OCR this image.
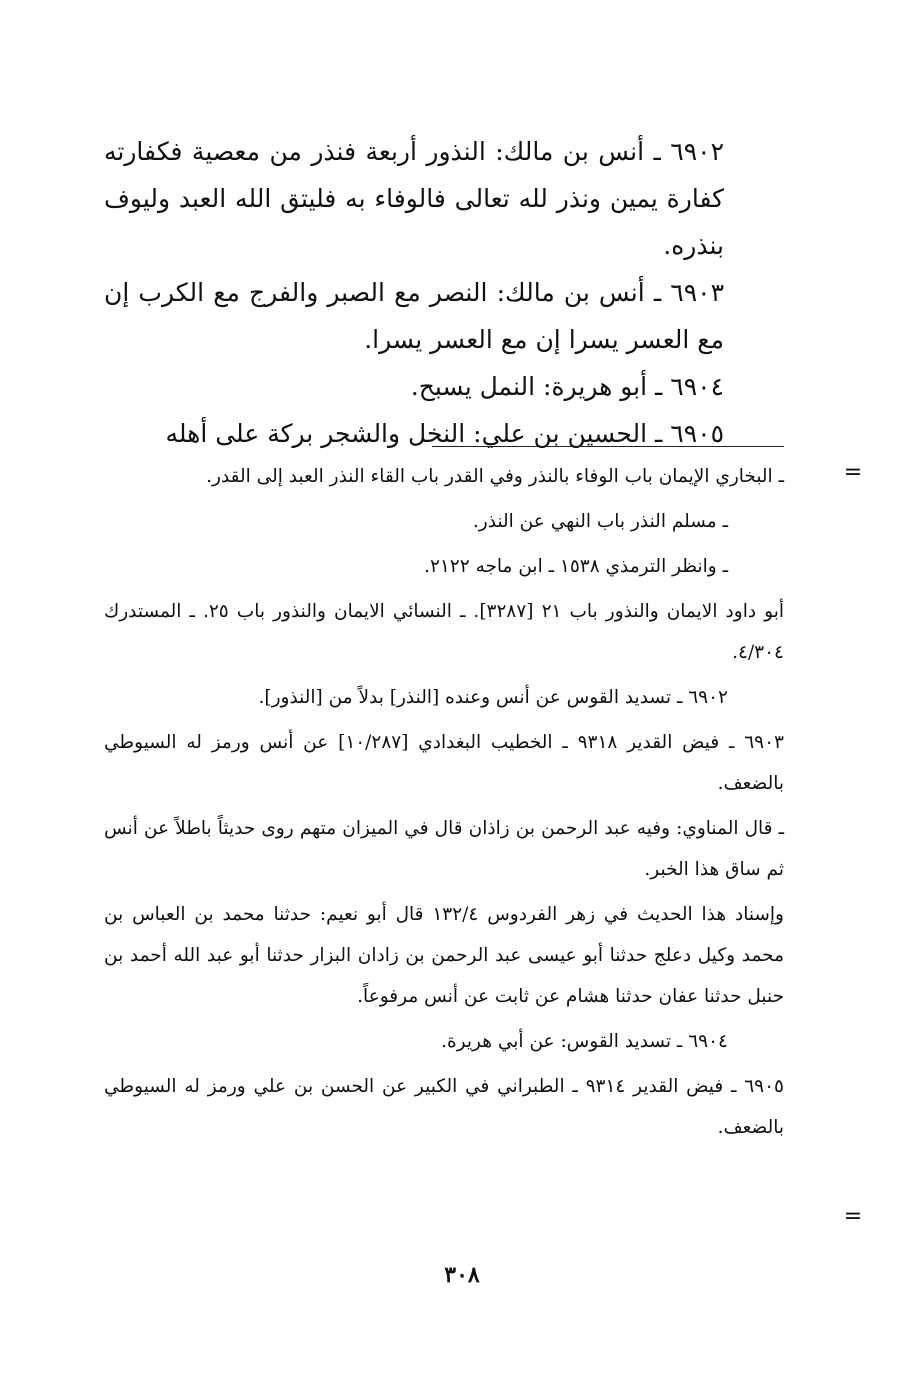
٦٩٠٢ ـ أنس بن مالك: النذور أربعة فنذر من معصية فكفارته كفارة يمين ونذر لله تعالى فالوفاء به فليتق الله العبد وليوف بنذره.

٦٩٠٣ ـ أنس بن مالك: النصر مع الصبر والفرج مع الكرب إن مع العسر يسرا إن مع العسر يسرا.

٦٩٠٤ ـ أبو هريرة: النمل يسبح.

٦٩٠٥ ـ الحسين بن علي: النخل والشجر بركة على أهله

=

ـ البخاري الإيمان باب الوفاء بالنذر وفي القدر باب القاء النذر العبد إلى القدر.

ـ مسلم النذر باب النهي عن النذر.

ـ وانظر الترمذي ١٥٣٨ ـ ابن ماجه ٢١٢٢.

أبو داود الايمان والنذور باب ٢١ [٣٢٨٧]. ـ النسائي الايمان والنذور باب ٢٥. ـ المستدرك ٤/٣٠٤.

٦٩٠٢ ـ تسديد القوس عن أنس وعنده [النذر] بدلاً من [النذور].

٦٩٠٣ ـ فيض القدير ٩٣١٨ ـ الخطيب البغدادي [١٠/٢٨٧] عن أنس ورمز له السيوطي بالضعف.

ـ قال المناوي: وفيه عبد الرحمن بن زاذان قال في الميزان متهم روى حديثاً باطلاً عن أنس ثم ساق هذا الخبر.

وإسناد هذا الحديث في زهر الفردوس ١٣٢/٤ قال أبو نعيم: حدثنا محمد بن العباس بن محمد وكيل دعلج حدثنا أبو عيسى عبد الرحمن بن زادان البزار حدثنا أبو عبد الله أحمد بن حنبل حدثنا عفان حدثنا هشام عن ثابت عن أنس مرفوعاً.

٦٩٠٤ ـ تسديد القوس: عن أبي هريرة.

٦٩٠٥ ـ فيض القدير ٩٣١٤ ـ الطبراني في الكبير عن الحسن بن علي ورمز له السيوطي بالضعف.

=
٣٠٨
